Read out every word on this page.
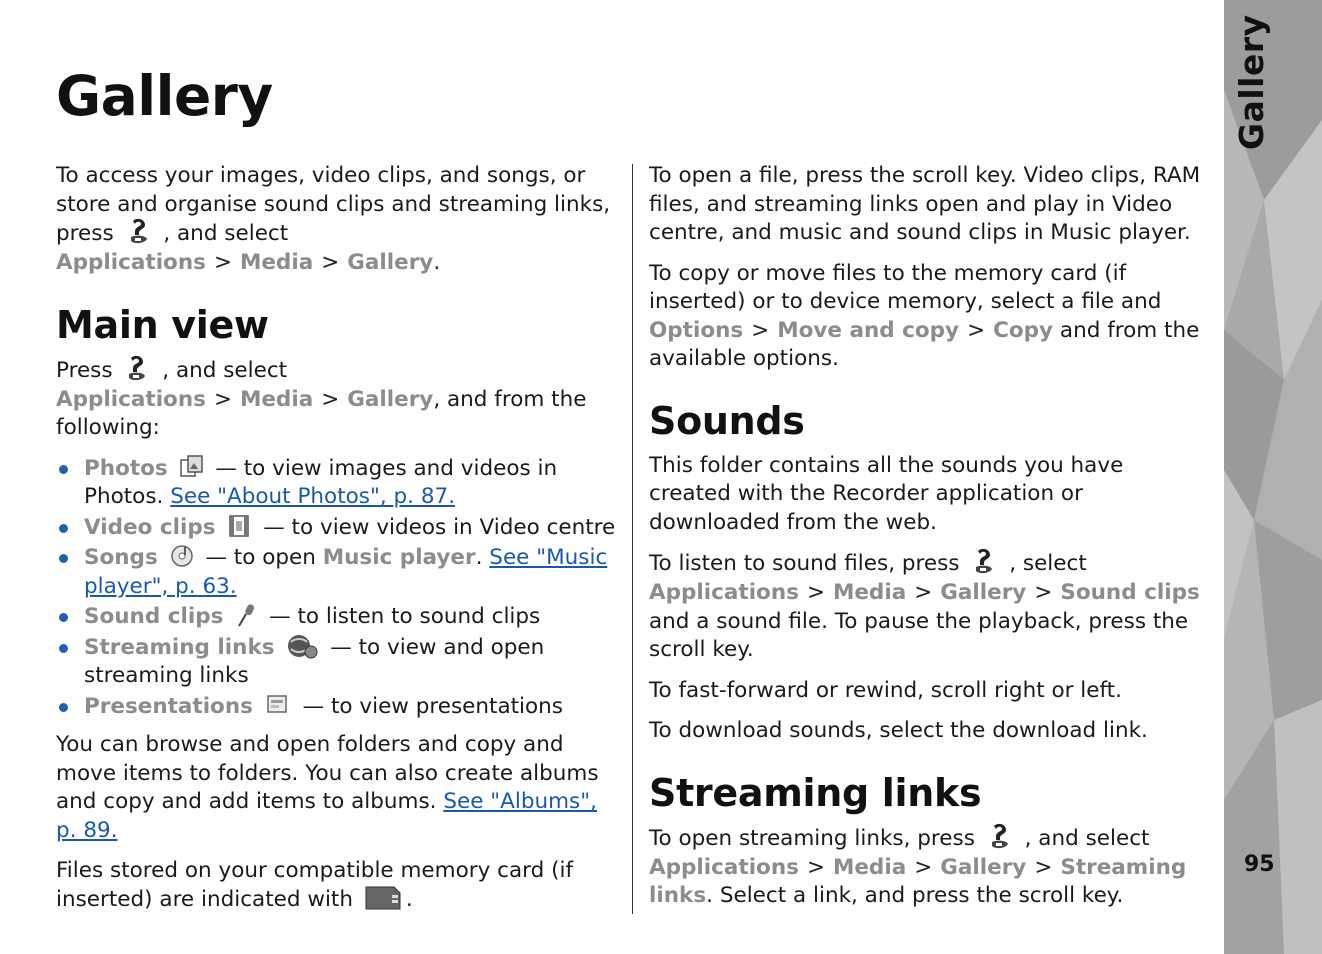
Gallery
95
Gallery

To access your images, video clips, and songs, or store and organise sound clips and streaming links, press , and select Applications > Media > Gallery.

Main view

Press , and select Applications > Media > Gallery, and from the following:

Photos — to view images and videos in Photos. See "About Photos", p. 87.
Video clips — to view videos in Video centre
Songs — to open Music player. See "Music player", p. 63.
Sound clips — to listen to sound clips
Streaming links	— to view and open streaming links
Presentations — to view presentations

You can browse and open folders and copy and move items to folders. You can also create albums and copy and add items to albums. See "Albums", p. 89.

Files stored on your compatible memory card (if inserted) are indicated with .

To open a file, press the scroll key. Video clips, RAM files, and streaming links open and play in Video centre, and music and sound clips in Music player.

To copy or move files to the memory card (if inserted) or to device memory, select a file and Options > Move and copy > Copy and from the available options.

Sounds

This folder contains all the sounds you have created with the Recorder application or downloaded from the web.

To listen to sound files, press , select Applications > Media > Gallery > Sound clips and a sound file. To pause the playback, press the scroll key.

To fast-forward or rewind, scroll right or left.

To download sounds, select the download link.

Streaming links

To open streaming links, press , and select Applications > Media > Gallery > Streaming links. Select a link, and press the scroll key.
